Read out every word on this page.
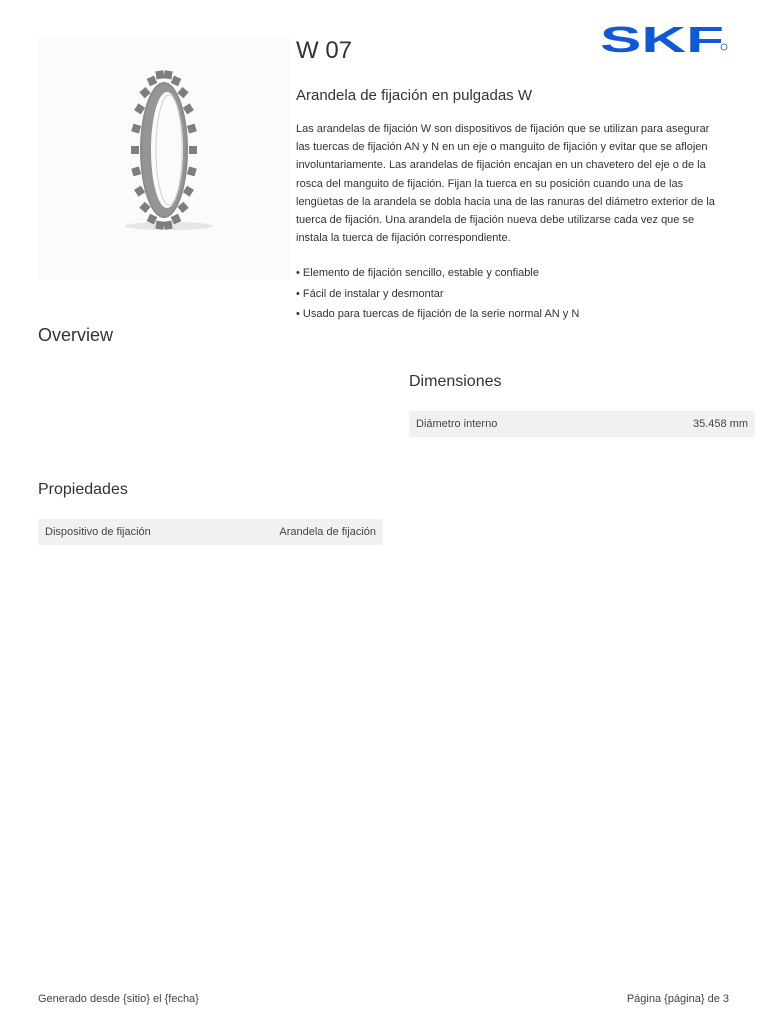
SKF
W 07
Arandela de fijación en pulgadas W

Las arandelas de fijación W son dispositivos de fijación que se utilizan para asegurar las tuercas de fijación AN y N en un eje o manguito de fijación y evitar que se aflojen involuntariamente. Las arandelas de fijación encajan en un chavetero del eje o de la rosca del manguito de fijación. Fijan la tuerca en su posición cuando una de las lengüetas de la arandela se dobla hacia una de las ranuras del diámetro exterior de la tuerca de fijación. Una arandela de fijación nueva debe utilizarse cada vez que se instala la tuerca de fijación correspondiente.

• Elemento de fijación sencillo, estable y confiable
• Fácil de instalar y desmontar
• Usado para tuercas de fijación de la serie normal AN y N
Overview
Dimensiones
Diámetro interno	35.458 mm
Propiedades
Dispositivo de fijación	Arandela de fijación

Generado desde {sitio} el {fecha}	Página {página} de 3
